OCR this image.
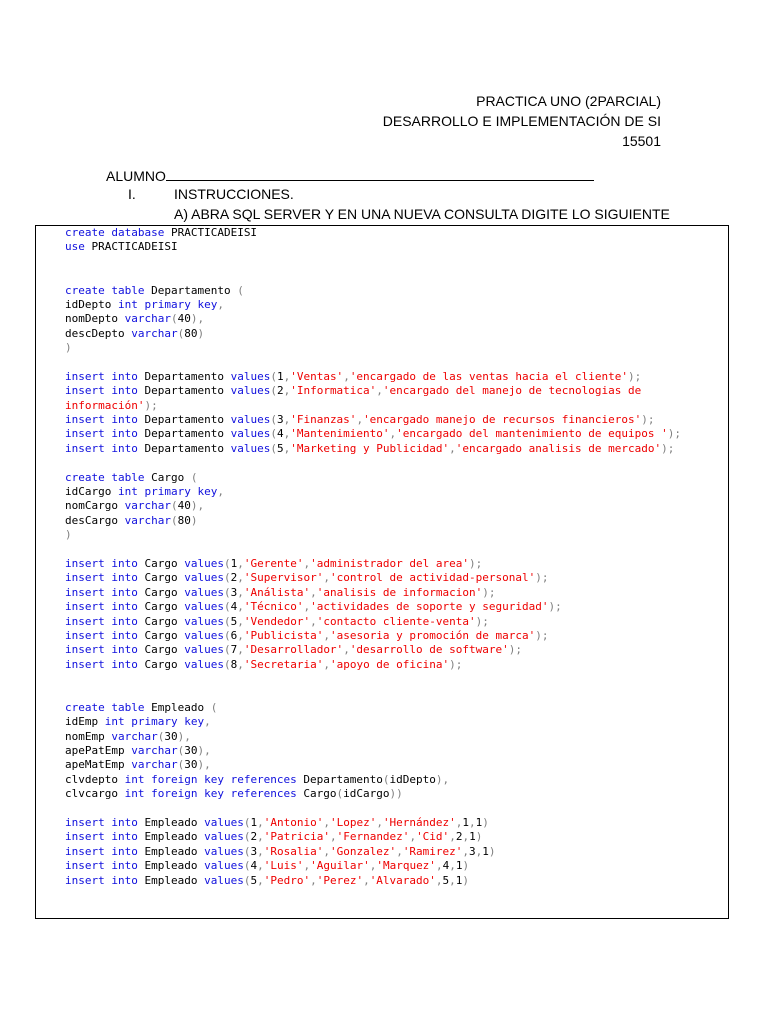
PRACTICA UNO (2PARCIAL)
DESARROLLO E IMPLEMENTACIÓN DE SI
15501
ALUMNO
I.	INSTRUCCIONES.
A) ABRA SQL SERVER Y EN UNA NUEVA CONSULTA DIGITE LO SIGUIENTE
create database PRACTICADEISI
use PRACTICADEISI
create table Departamento (
idDepto int primary key,
nomDepto varchar(40),
descDepto varchar(80)
)
insert into Departamento values(1,'Ventas','encargado de las ventas hacia el cliente');
insert into Departamento values(2,'Informatica','encargado del manejo de tecnologias de
información');
insert into Departamento values(3,'Finanzas','encargado manejo de recursos financieros');
insert into Departamento values(4,'Mantenimiento','encargado del mantenimiento de equipos ');
insert into Departamento values(5,'Marketing y Publicidad','encargado analisis de mercado');
create table Cargo (
idCargo int primary key,
nomCargo varchar(40),
desCargo varchar(80)
)
insert into Cargo values(1,'Gerente','administrador del area');
insert into Cargo values(2,'Supervisor','control de actividad-personal');
insert into Cargo values(3,'Análista','analisis de informacion');
insert into Cargo values(4,'Técnico','actividades de soporte y seguridad');
insert into Cargo values(5,'Vendedor','contacto cliente-venta');
insert into Cargo values(6,'Publicista','asesoria y promoción de marca');
insert into Cargo values(7,'Desarrollador','desarrollo de software');
insert into Cargo values(8,'Secretaria','apoyo de oficina');
create table Empleado (
idEmp int primary key,
nomEmp varchar(30),
apePatEmp varchar(30),
apeMatEmp varchar(30),
clvdepto int foreign key references Departamento(idDepto),
clvcargo int foreign key references Cargo(idCargo))
insert into Empleado values(1,'Antonio','Lopez','Hernández',1,1)
insert into Empleado values(2,'Patricia','Fernandez','Cid',2,1)
insert into Empleado values(3,'Rosalia','Gonzalez','Ramirez',3,1)
insert into Empleado values(4,'Luis','Aguilar','Marquez',4,1)
insert into Empleado values(5,'Pedro','Perez','Alvarado',5,1)
